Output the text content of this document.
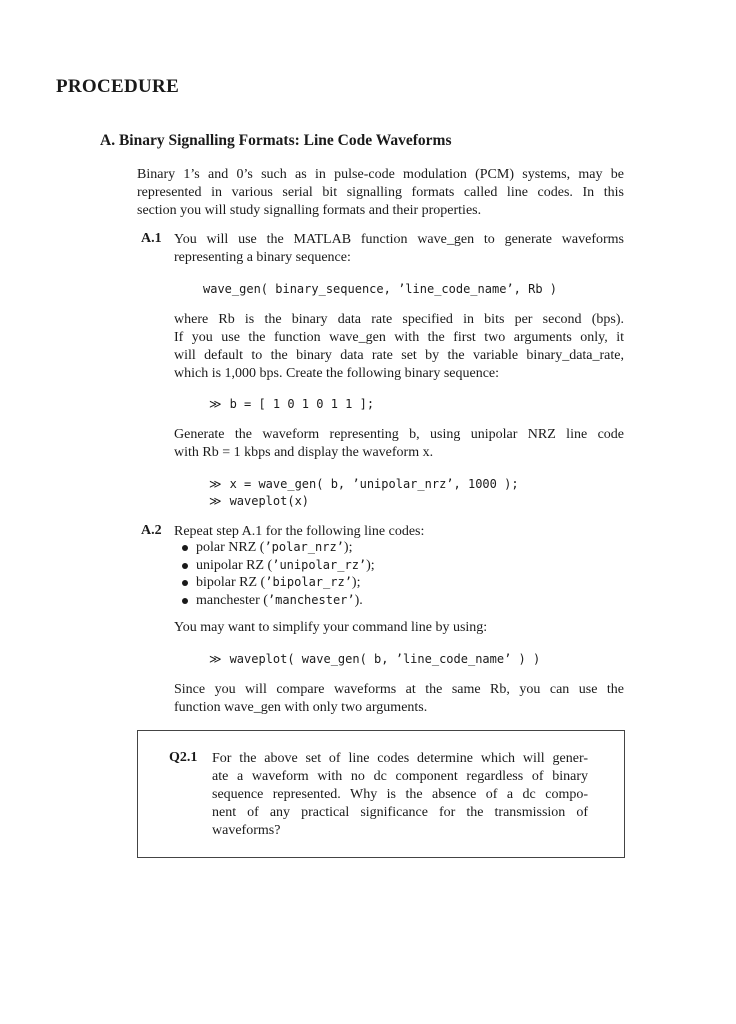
PROCEDURE
A. Binary Signalling Formats: Line Code Waveforms
Binary 1’s and 0’s such as in pulse-code modulation (PCM) systems, may be
represented in various serial bit signalling formats called line codes. In this
section you will study signalling formats and their properties.
A.1 You will use the MATLAB function wave_gen to generate waveforms
representing a binary sequence:
wave_gen( binary_sequence, ’line_code_name’, Rb )
where Rb is the binary data rate specified in bits per second (bps).
If you use the function wave_gen with the first two arguments only, it
will default to the binary data rate set by the variable binary_data_rate,
which is 1,000 bps. Create the following binary sequence:
≫ b = [ 1 0 1 0 1 1 ];
Generate the waveform representing b, using unipolar NRZ line code
with Rb = 1 kbps and display the waveform x.
≫ x = wave_gen( b, ’unipolar_nrz’, 1000 );
≫ waveplot(x)
A.2 Repeat step A.1 for the following line codes:
polar NRZ (’polar_nrz’);
unipolar RZ (’unipolar_rz’);
bipolar RZ (’bipolar_rz’);
manchester (’manchester’).
You may want to simplify your command line by using:
≫ waveplot( wave_gen( b, ’line_code_name’ ) )
Since you will compare waveforms at the same Rb, you can use the
function wave_gen with only two arguments.
Q2.1 For the above set of line codes determine which will gener-
ate a waveform with no dc component regardless of binary
sequence represented. Why is the absence of a dc compo-
nent of any practical significance for the transmission of
waveforms?
